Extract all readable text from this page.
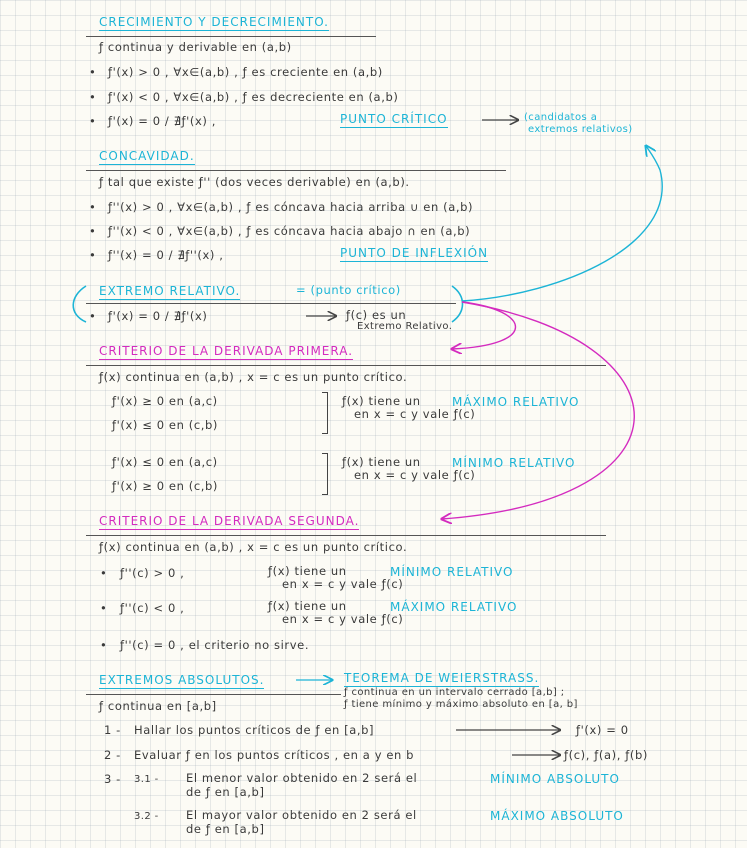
CRECIMIENTO Y DECRECIMIENTO.
ƒ continua y derivable en (a,b)
• ƒ'(x) > 0 , ∀x∈(a,b) , ƒ es creciente en (a,b)
• ƒ'(x) < 0 , ∀x∈(a,b) , ƒ es decreciente en (a,b)
• ƒ'(x) = 0 / ∄ƒ'(x) ,	PUNTO CRÍTICO	(candidatos a
extremos relativos)
CONCAVIDAD.
ƒ tal que existe ƒ'' (dos veces derivable) en (a,b).
• ƒ''(x) > 0 , ∀x∈(a,b) , ƒ es cóncava hacia arriba ∪ en (a,b)
• ƒ''(x) < 0 , ∀x∈(a,b) , ƒ es cóncava hacia abajo ∩ en (a,b)
• ƒ''(x) = 0 / ∄ƒ''(x) ,	PUNTO DE INFLEXIÓN
EXTREMO RELATIVO.	= (punto crítico)
• ƒ'(x) = 0 / ∄ƒ'(x)	ƒ(c) es un
Extremo Relativo.
CRITERIO DE LA DERIVADA PRIMERA.
ƒ(x) continua en (a,b) , x = c es un punto crítico.
ƒ'(x) ≥ 0 en (a,c)
ƒ'(x) ≤ 0 en (c,b)
ƒ(x) tiene un	MÁXIMO RELATIVO
en x = c y vale ƒ(c)
ƒ'(x) ≤ 0 en (a,c)
ƒ'(x) ≥ 0 en (c,b)
ƒ(x) tiene un	MÍNIMO RELATIVO
en x = c y vale ƒ(c)
CRITERIO DE LA DERIVADA SEGUNDA.
ƒ(x) continua en (a,b) , x = c es un punto crítico.
• ƒ''(c) > 0 ,	ƒ(x) tiene un	MÍNIMO RELATIVO
en x = c y vale ƒ(c)
• ƒ''(c) < 0 ,	ƒ(x) tiene un	MÁXIMO RELATIVO
en x = c y vale ƒ(c)
• ƒ''(c) = 0 , el criterio no sirve.
EXTREMOS ABSOLUTOS.	TEOREMA DE WEIERSTRASS.
ƒ continua en un intervalo cerrado [a,b] ;
ƒ tiene mínimo y máximo absoluto en [a, b]
ƒ continua en [a,b]
1 - Hallar los puntos críticos de ƒ en [a,b]	ƒ'(x) = 0
2 - Evaluar ƒ en los puntos críticos , en a y en b	ƒ(c), ƒ(a), ƒ(b)
3 - 3.1 - El menor valor obtenido en 2 será el	MÍNIMO ABSOLUTO
de ƒ en [a,b]
3.2 - El mayor valor obtenido en 2 será el	MÁXIMO ABSOLUTO
de ƒ en [a,b]
